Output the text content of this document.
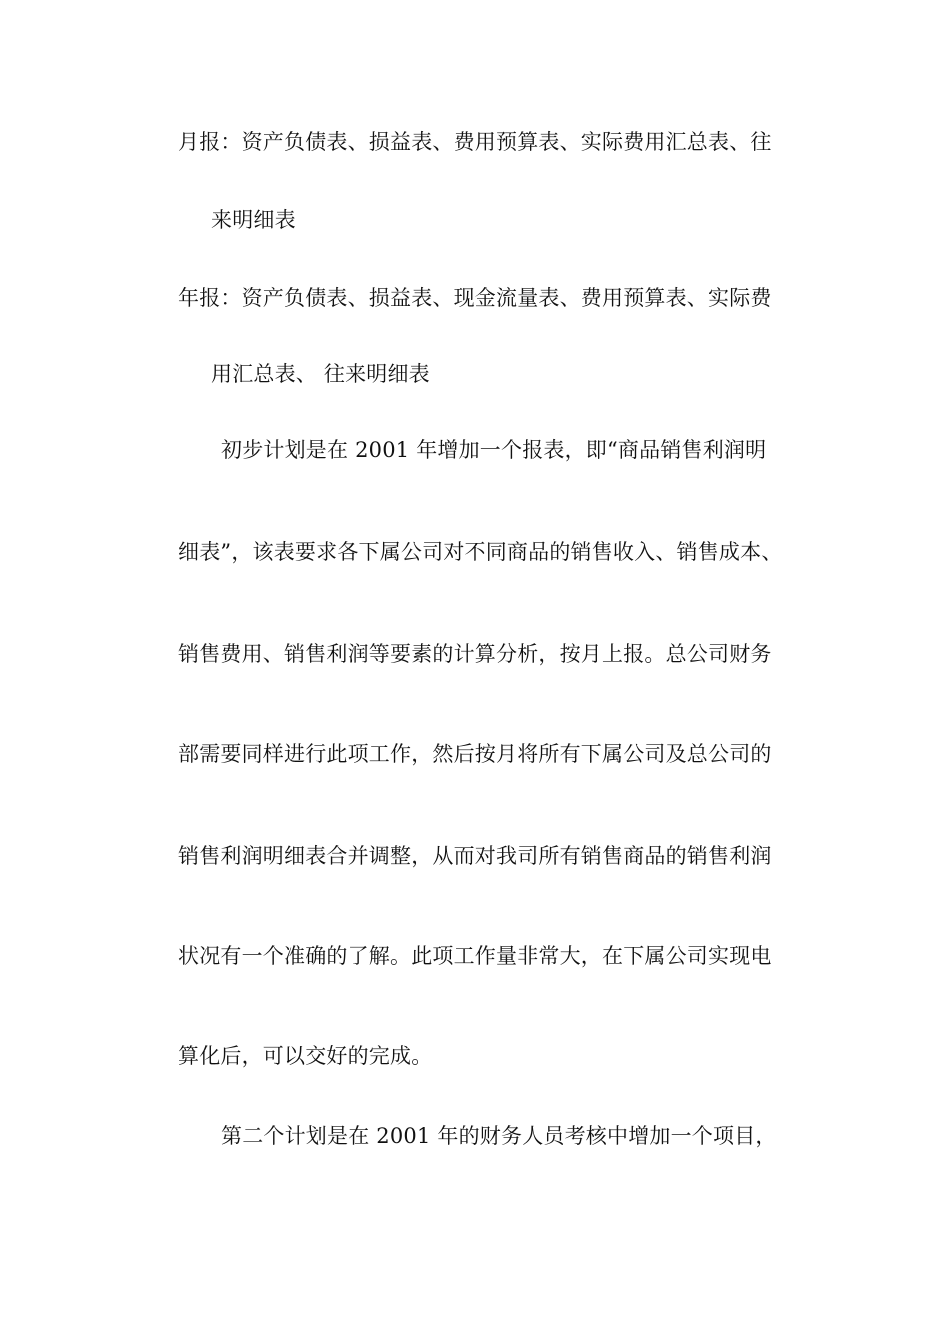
月报：资产负债表、损益表、费用预算表、实际费用汇总表、往
来明细表
年报：资产负债表、损益表、现金流量表、费用预算表、实际费
用汇总表、 往来明细表
初步计划是在 2001 年增加一个报表，即“商品销售利润明
细表”，该表要求各下属公司对不同商品的销售收入、销售成本、
销售费用、销售利润等要素的计算分析，按月上报。总公司财务
部需要同样进行此项工作，然后按月将所有下属公司及总公司的
销售利润明细表合并调整，从而对我司所有销售商品的销售利润
状况有一个准确的了解。此项工作量非常大，在下属公司实现电
算化后，可以交好的完成。
第二个计划是在 2001 年的财务人员考核中增加一个项目，
